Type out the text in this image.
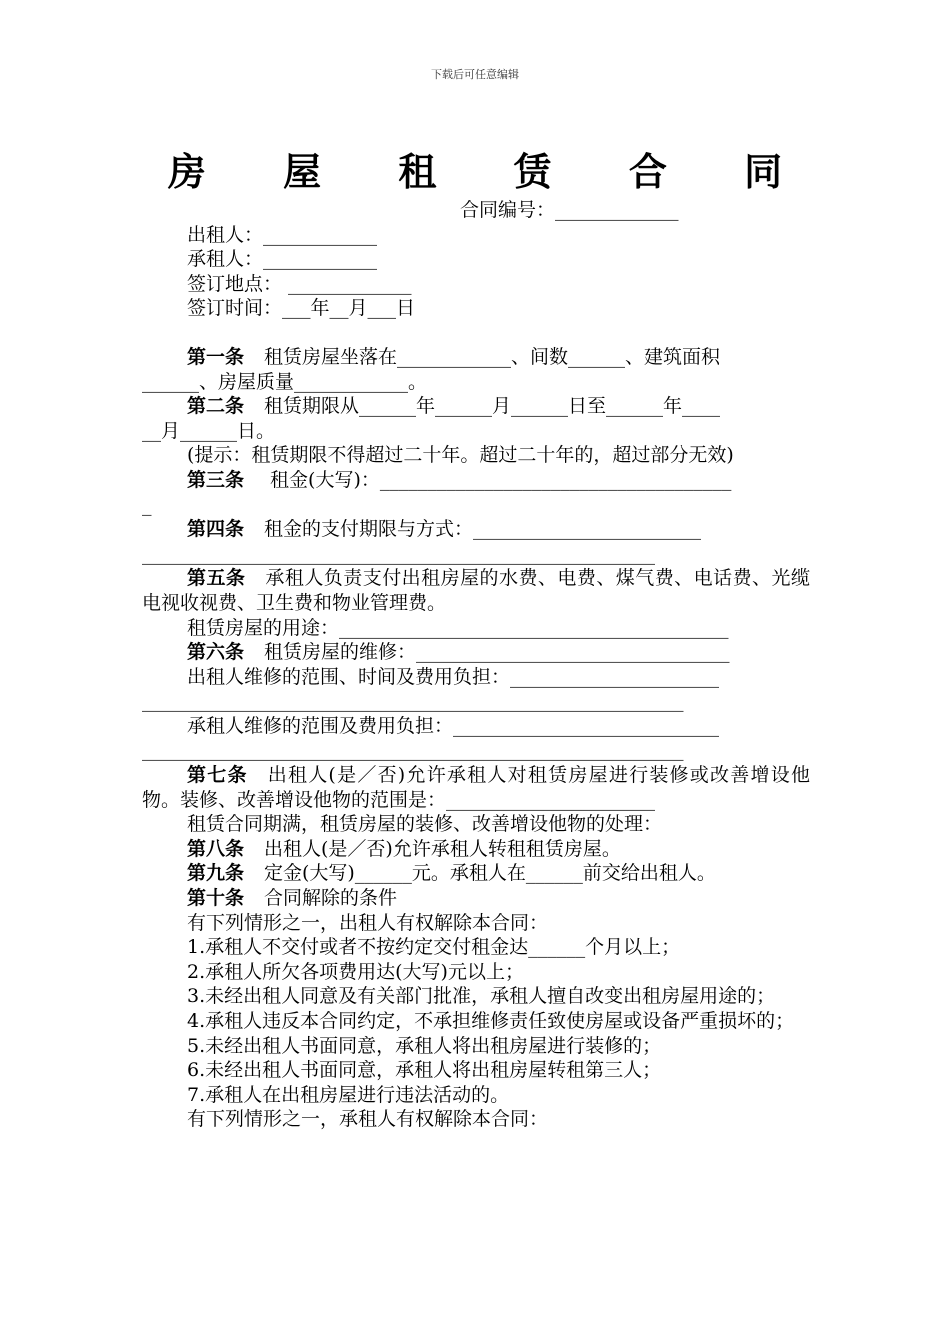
下载后可任意编辑
房 屋 租 赁 合 同
合同编号：_____________
出租人：____________
承租人：____________
签订地点： _____________
签订时间：___年__月___日
第一条 租赁房屋坐落在____________、间数______、建筑面积
______、房屋质量____________。
第二条 租赁期限从______年______月______日至______年____
__月______日。
(提示：租赁期限不得超过二十年。超过二十年的，超过部分无效)
第三条 租金(大写)：_____________________________________
_
第四条 租金的支付期限与方式：________________________
______________________________________________________
第五条 承租人负责支付出租房屋的水费、电费、煤气费、电话费、光缆电视收视费、卫生费和物业管理费。
租赁房屋的用途：_________________________________________
第六条 租赁房屋的维修：_________________________________
出租人维修的范围、时间及费用负担：______________________
_________________________________________________________
承租人维修的范围及费用负担：____________________________
_________________________________________________________
第七条 出租人(是／否)允许承租人对租赁房屋进行装修或改善增设他物。装修、改善增设他物的范围是：______________________
租赁合同期满，租赁房屋的装修、改善增设他物的处理：
第八条 出租人(是／否)允许承租人转租租赁房屋。
第九条 定金(大写)______元。承租人在______前交给出租人。
第十条 合同解除的条件
有下列情形之一，出租人有权解除本合同：
1.承租人不交付或者不按约定交付租金达______个月以上；
2.承租人所欠各项费用达(大写)元以上；
3.未经出租人同意及有关部门批准，承租人擅自改变出租房屋用途的；
4.承租人违反本合同约定，不承担维修责任致使房屋或设备严重损坏的；
5.未经出租人书面同意，承租人将出租房屋进行装修的；
6.未经出租人书面同意，承租人将出租房屋转租第三人；
7.承租人在出租房屋进行违法活动的。
有下列情形之一，承租人有权解除本合同：
